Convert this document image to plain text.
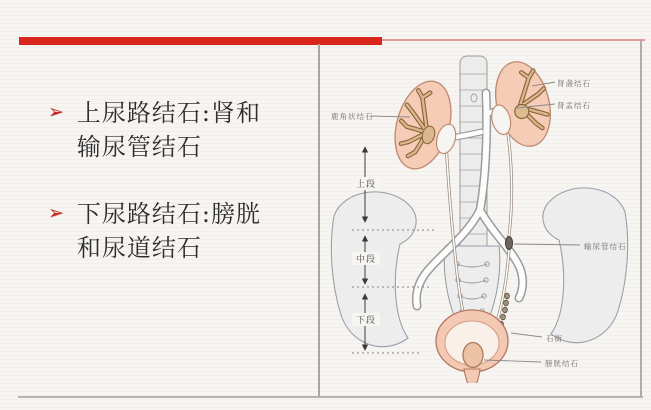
➢ 上尿路结石:肾和输尿管结石
➢ 下尿路结石:膀胱和尿道结石
鹿角状结石
肾盏结石
肾盂结石
输尿管结石
石街
膀胱结石
上段
中段
下段
